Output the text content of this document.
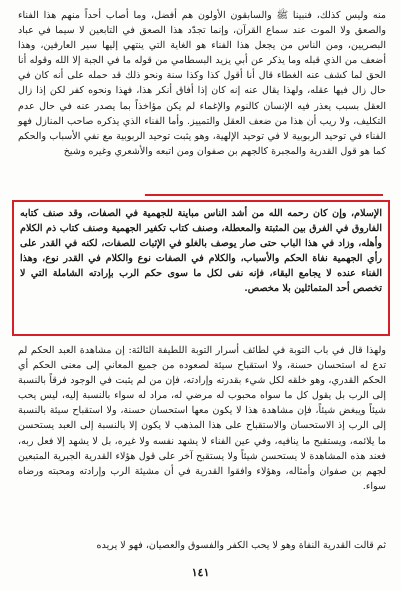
منه وليس كذلك، فنبينا ﷺ والسابقون الأولون هم أفضل، وما أصاب أحداً منهم هذا الفناء والصعق ولا الموت عند سماع القرآن، وإنما تجدّد هذا الصعق في التابعين لا سيما في عباد البصريين، ومن الناس من يجعل هذا الفناء هو الغاية التي ينتهي إليها سير العارفين، وهذا أضعف من الذي قبله وما يذكر عن أبي يزيد البسطامي من قوله ما في الجبة إلا الله وقوله أنا الحق لما كشف عنه الغطاء قال أنا أقول كذا وكذا سنة ونحو ذلك قد حمله على أنه كان في حال زال فيها عقله، ولهذا يقال عنه إنه كان إذا أفاق أنكر هذا، فهذا ونحوه كفر لكن إذا زال العقل بسبب يعذر فيه الإنسان كالنوم والإغماء لم يكن مؤاخذاً بما يصدر عنه في حال عدم التكليف، ولا ريب أن هذا من ضعف العقل والتمييز. وأما الفناء الذي يذكره صاحب المنازل فهو الفناء في توحيد الربوبية لا في توحيد الإلهية، وهو يثبت توحيد الربوبية مع نفي الأسباب والحكم كما هو قول القدرية والمجبرة كالجهم بن صفوان ومن اتبعه والأشعري وغيره وشيخ

الإسلام، وإن كان رحمه الله من أشد الناس مباينة للجهمية في الصفات، وقد صنف كتابه الفاروق في الفرق بين المثبتة والمعطلة، وصنف كتاب تكفير الجهمية وصنف كتاب ذم الكلام وأهله، وزاد في هذا الباب حتى صار يوصف بالغلو في الإثبات للصفات، لكنه في القدر على رأي الجهمية نفاة الحكم والأسباب، والكلام في الصفات نوع والكلام في القدر نوع، وهذا الفناء عنده لا يجامع البقاء، فإنه نفى لكل ما سوى حكم الرب بإرادته الشاملة التي لا تخصص أحد المتماثلين بلا مخصص.

ولهذا قال في باب التوبة في لطائف أسرار التوبة اللطيفة الثالثة: إن مشاهدة العبد الحكم لم تدع له استحسان حسنة، ولا استقباح سيئة لصعوده من جميع المعاني إلى معنى الحكم أي الحكم القدري، وهو خلقه لكل شيء بقدرته وإرادته، فإن من لم يثبت في الوجود فرقاً بالنسبة إلى الرب بل يقول كل ما سواه محبوب له مرضي له، مراد له سواء بالنسبة إليه، ليس يحب شيئاً ويبغض شيئاً، فإن مشاهدة هذا لا يكون معها استحسان حسنة، ولا استقباح سيئة بالنسبة إلى الرب إذ الاستحسان والاستقباح على هذا المذهب لا يكون إلا بالنسبة إلى العبد يستحسن ما يلائمه، ويستقبح ما ينافيه، وفي عين الفناء لا يشهد نفسه ولا غيره، بل لا يشهد إلا فعل ربه، فعند هذه المشاهدة لا يستحسن شيئاً ولا يستقبح آخر على قول هؤلاء القدرية الجبرية المتبعين لجهم بن صفوان وأمثاله، وهؤلاء وافقوا القدرية في أن مشيئة الرب وإرادته ومحبته ورضاه سواء.

ثم قالت القدرية النفاة وهو لا يحب الكفر والفسوق والعصيان، فهو لا يريده

١٤١
